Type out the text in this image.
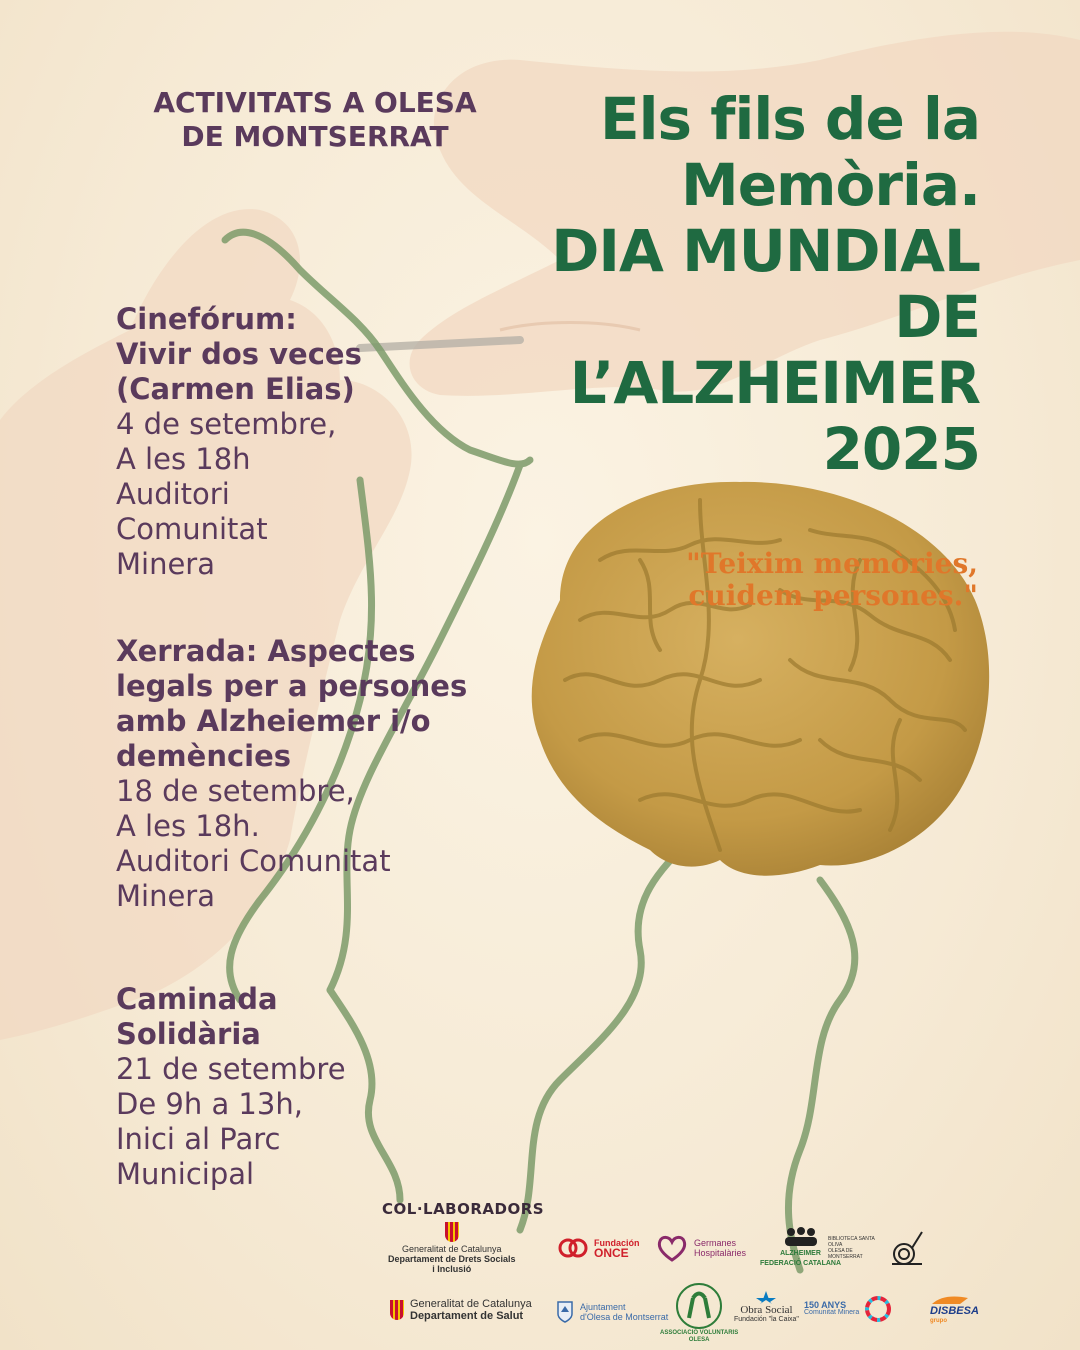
ACTIVITATS A OLESA
DE MONTSERRAT	Els fils de la
Memòria.
DIA MUNDIAL
DE
L’ALZHEIMER
2025
"Teixim memòries,
cuidem persones."
Cinefórum:
Vivir dos veces
(Carmen Elias)
4 de setembre,
A les 18h
Auditori
Comunitat
Minera
Xerrada: Aspectes
legals per a persones
amb Alzheiemer i/o
demències
18 de setembre,
A les 18h.
Auditori Comunitat
Minera
Caminada
Solidària
21 de setembre
De 9h a 13h,
Inici al Parc
Municipal
COL·LABORADORS
Generalitat de Catalunya
Departament de Drets Socials
i Inclusió
Fundación
ONCE
Germanes
Hospitalàries	ALZHEIMER
FEDERACIÓ CATALANA
BIBLIOTECA SANTA OLIVA
OLESA DE MONTSERRAT
Generalitat de Catalunya
Departament de Salut
Ajuntament
d'Olesa de Montserrat
ASSOCIACIÓ VOLUNTARIS
OLESA
Obra Social
Fundación "la Caixa"
150 ANYS
Comunitat Minera	DISBESA
grupo
